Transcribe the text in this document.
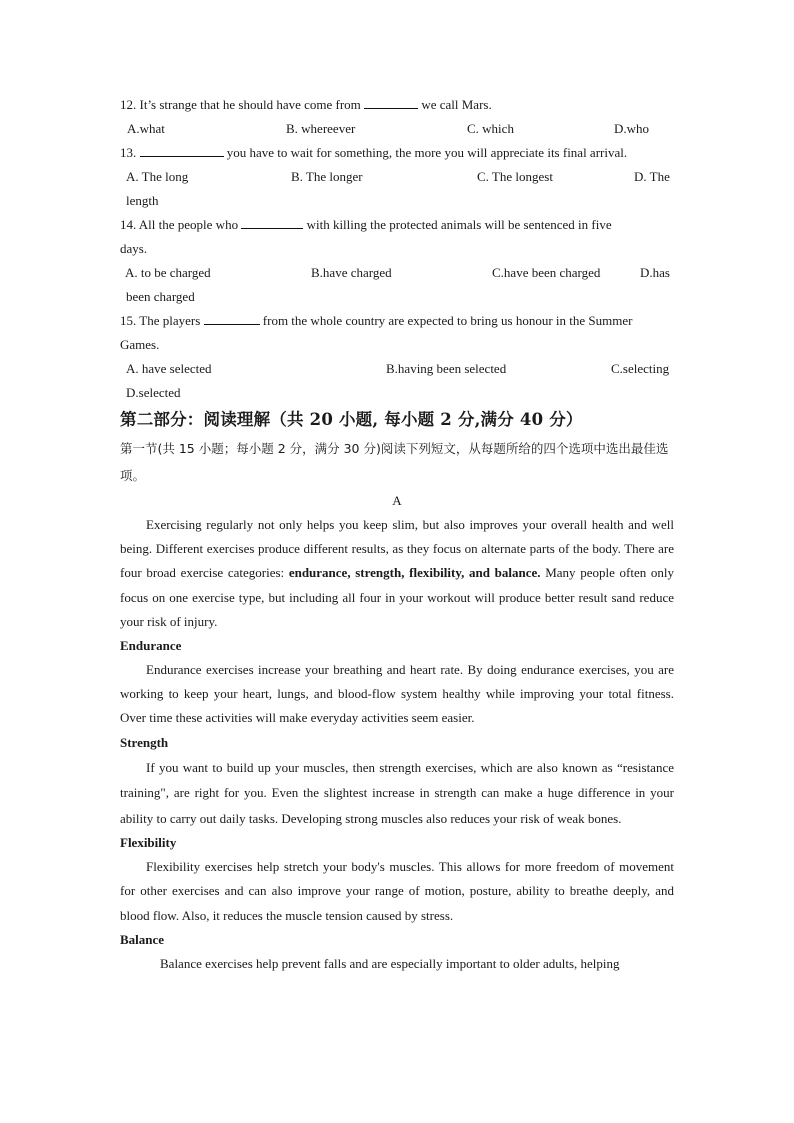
12. It’s strange that he should have come from	we call Mars.
A.what	B. whereever	C. which	D.who
13.	you have to wait for something, the more you will appreciate its final arrival.
A. The long	B. The longer	C. The longest	D. The
length
14. All the people who	with killing the protected animals will be sentenced in five
days.
A. to be charged	B.have charged	C.have been charged	D.has
been charged
15. The players	from the whole country are expected to bring us honour in the Summer
Games.
A. have selected	B.having been selected	C.selecting
D.selected
第二部分：阅读理解（共 20 小题, 每小题 2 分,满分 40 分）
第一节(共 15 小题；每小题 2 分，满分 30 分)阅读下列短文，从每题所给的四个选项中选出最佳选项。
A
Exercising regularly not only helps you keep slim, but also improves your overall health and well being. Different exercises produce different results, as they focus on alternate parts of the body. There are four broad exercise categories: endurance, strength, flexibility, and balance. Many people often only focus on one exercise type, but including all four in your workout will produce better result sand reduce your risk of injury.
Endurance
Endurance exercises increase your breathing and heart rate. By doing endurance exercises, you are working to keep your heart, lungs, and blood-flow system healthy while improving your total fitness. Over time these activities will make everyday activities seem easier.
Strength
If you want to build up your muscles, then strength exercises, which are also known as “resistance training", are right for you. Even the slightest increase in strength can make a huge difference in your ability to carry out daily tasks. Developing strong muscles also reduces your risk of weak bones.
Flexibility
Flexibility exercises help stretch your body's muscles. This allows for more freedom of movement for other exercises and can also improve your range of motion, posture, ability to breathe deeply, and blood flow. Also, it reduces the muscle tension caused by stress.
Balance
Balance exercises help prevent falls and are especially important to older adults, helping
